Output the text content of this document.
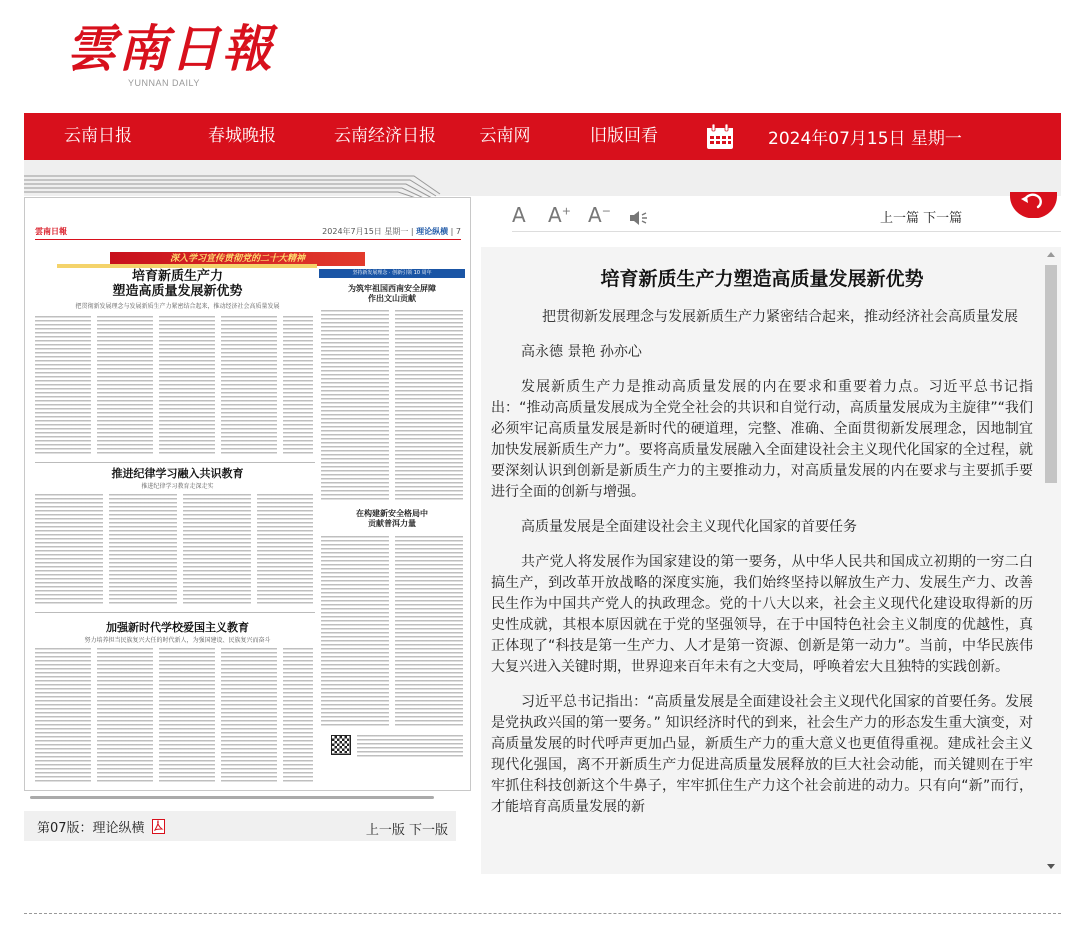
雲南日報
YUNNAN DAILY
云南日报	春城晚报	云南经济日报	云南网	旧版回看	2024年07月15日 星期一
雲南日報	2024年7月15日 星期一 | 理论纵横 | 7
深入学习宣传贯彻党的二十大精神
培育新质生产力
塑造高质量发展新优势
把贯彻新发展理念与发展新质生产力紧密结合起来，推动经济社会高质量发展
坚持新发展理念 · 创新引领 10 周年
为筑牢祖国西南安全屏障
作出文山贡献
推进纪律学习融入共识教育
推进纪律学习教育走深走实
在构建新安全格局中
贡献普洱力量
加强新时代学校爱国主义教育
努力培养担当民族复兴大任的时代新人，为强国建设、民族复兴而奋斗
第07版：理论纵横	上一版 下一版
A A+ A−
上一篇 下一篇
培育新质生产力塑造高质量发展新优势
把贯彻新发展理念与发展新质生产力紧密结合起来，推动经济社会高质量发展
高永德 景艳 孙亦心

发展新质生产力是推动高质量发展的内在要求和重要着力点。习近平总书记指出：“推动高质量发展成为全党全社会的共识和自觉行动，高质量发展成为主旋律”“我们必须牢记高质量发展是新时代的硬道理，完整、准确、全面贯彻新发展理念，因地制宜加快发展新质生产力”。要将高质量发展融入全面建设社会主义现代化国家的全过程，就要深刻认识到创新是新质生产力的主要推动力，对高质量发展的内在要求与主要抓手要进行全面的创新与增强。

高质量发展是全面建设社会主义现代化国家的首要任务

共产党人将发展作为国家建设的第一要务，从中华人民共和国成立初期的一穷二白搞生产，到改革开放战略的深度实施，我们始终坚持以解放生产力、发展生产力、改善民生作为中国共产党人的执政理念。党的十八大以来，社会主义现代化建设取得新的历史性成就，其根本原因就在于党的坚强领导，在于中国特色社会主义制度的优越性，真正体现了“科技是第一生产力、人才是第一资源、创新是第一动力”。当前，中华民族伟大复兴进入关键时期，世界迎来百年未有之大变局，呼唤着宏大且独特的实践创新。

习近平总书记指出：“高质量发展是全面建设社会主义现代化国家的首要任务。发展是党执政兴国的第一要务。” 知识经济时代的到来，社会生产力的形态发生重大演变，对高质量发展的时代呼声更加凸显，新质生产力的重大意义也更值得重视。建成社会主义现代化强国，离不开新质生产力促进高质量发展释放的巨大社会动能，而关键则在于牢牢抓住科技创新这个牛鼻子，牢牢抓住生产力这个社会前进的动力。只有向“新”而行，才能培育高质量发展的新
